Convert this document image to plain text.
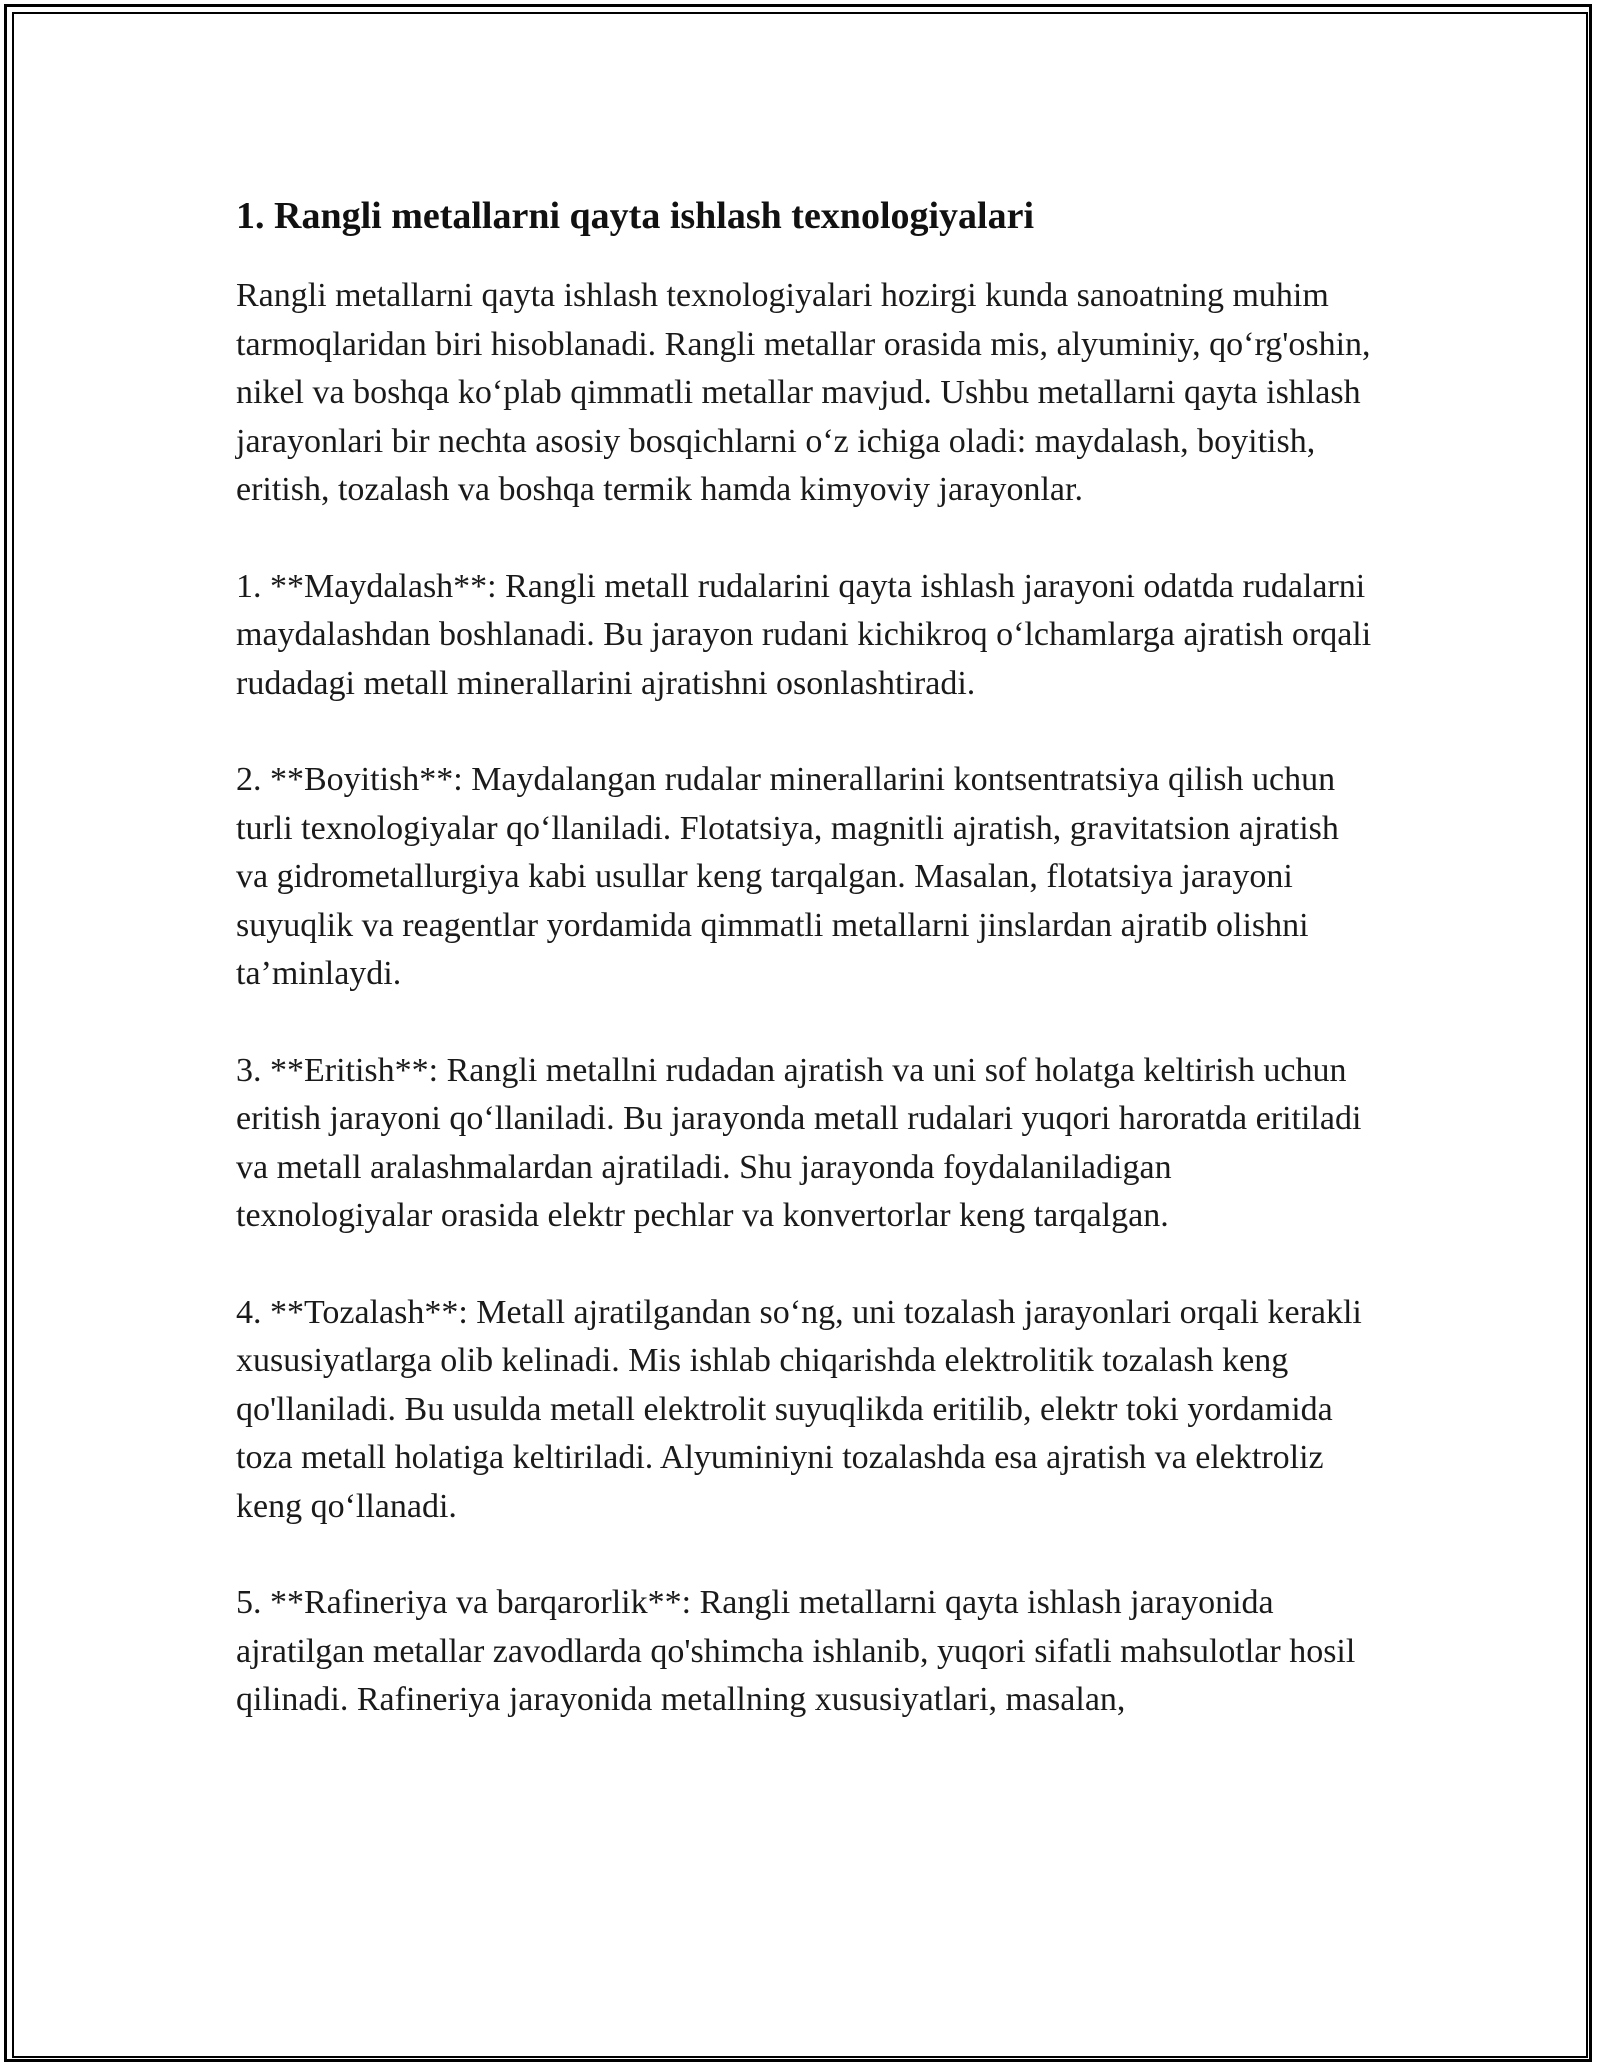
1. Rangli metallarni qayta ishlash texnologiyalari

Rangli metallarni qayta ishlash texnologiyalari hozirgi kunda sanoatning muhim tarmoqlaridan biri hisoblanadi. Rangli metallar orasida mis, alyuminiy, qo‘rg'oshin, nikel va boshqa ko‘plab qimmatli metallar mavjud. Ushbu metallarni qayta ishlash jarayonlari bir nechta asosiy bosqichlarni o‘z ichiga oladi: maydalash, boyitish, eritish, tozalash va boshqa termik hamda kimyoviy jarayonlar.

1. **Maydalash**: Rangli metall rudalarini qayta ishlash jarayoni odatda rudalarni maydalashdan boshlanadi. Bu jarayon rudani kichikroq o‘lchamlarga ajratish orqali rudadagi metall minerallarini ajratishni osonlashtiradi.

2. **Boyitish**: Maydalangan rudalar minerallarini kontsentratsiya qilish uchun turli texnologiyalar qo‘llaniladi. Flotatsiya, magnitli ajratish, gravitatsion ajratish va gidrometallurgiya kabi usullar keng tarqalgan. Masalan, flotatsiya jarayoni suyuqlik va reagentlar yordamida qimmatli metallarni jinslardan ajratib olishni ta’minlaydi.

3. **Eritish**: Rangli metallni rudadan ajratish va uni sof holatga keltirish uchun eritish jarayoni qo‘llaniladi. Bu jarayonda metall rudalari yuqori haroratda eritiladi va metall aralashmalardan ajratiladi. Shu jarayonda foydalaniladigan texnologiyalar orasida elektr pechlar va konvertorlar keng tarqalgan.

4. **Tozalash**: Metall ajratilgandan so‘ng, uni tozalash jarayonlari orqali kerakli xususiyatlarga olib kelinadi. Mis ishlab chiqarishda elektrolitik tozalash keng qo'llaniladi. Bu usulda metall elektrolit suyuqlikda eritilib, elektr toki yordamida toza metall holatiga keltiriladi. Alyuminiyni tozalashda esa ajratish va elektroliz keng qo‘llanadi.

5. **Rafineriya va barqarorlik**: Rangli metallarni qayta ishlash jarayonida ajratilgan metallar zavodlarda qo'shimcha ishlanib, yuqori sifatli mahsulotlar hosil qilinadi. Rafineriya jarayonida metallning xususiyatlari, masalan,
